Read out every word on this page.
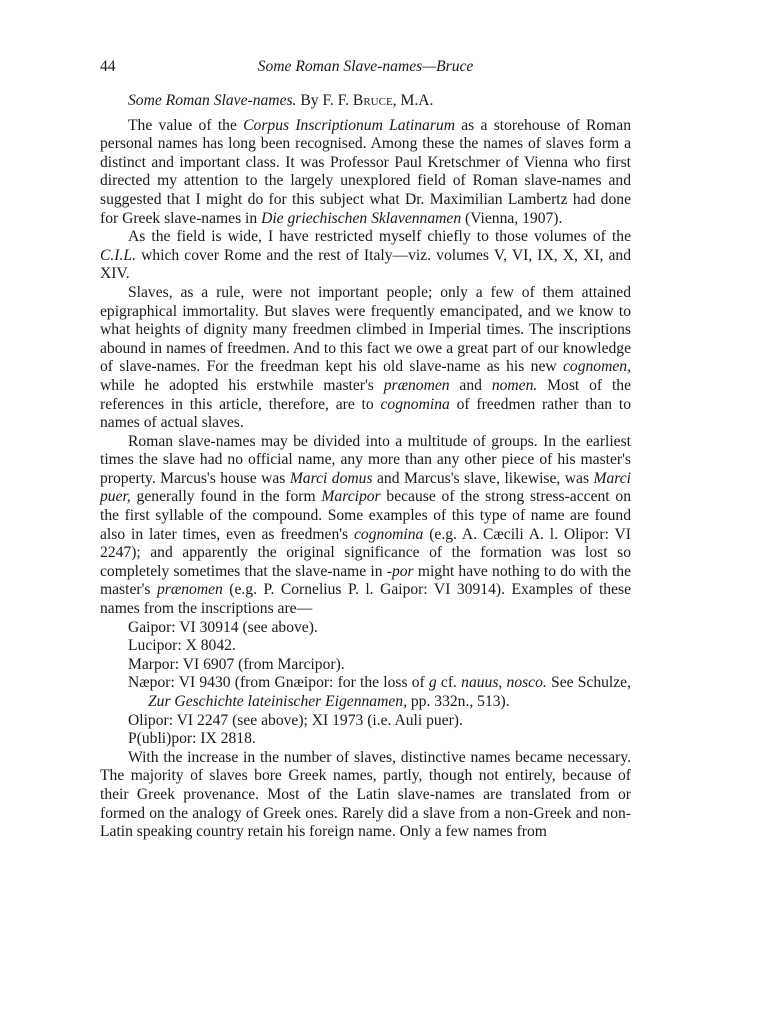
44	Some Roman Slave-names—Bruce

Some Roman Slave-names. By F. F. Bruce, M.A.

The value of the Corpus Inscriptionum Latinarum as a storehouse of Roman personal names has long been recognised. Among these the names of slaves form a distinct and important class. It was Professor Paul Kretschmer of Vienna who first directed my attention to the largely unexplored field of Roman slave-names and suggested that I might do for this subject what Dr. Maximilian Lambertz had done for Greek slave-names in Die griechischen Sklavennamen (Vienna, 1907).

As the field is wide, I have restricted myself chiefly to those volumes of the C.I.L. which cover Rome and the rest of Italy—viz. volumes V, VI, IX, X, XI, and XIV.

Slaves, as a rule, were not important people; only a few of them attained epigraphical immortality. But slaves were frequently emancipated, and we know to what heights of dignity many freedmen climbed in Imperial times. The inscriptions abound in names of freedmen. And to this fact we owe a great part of our knowledge of slave-names. For the freedman kept his old slave-name as his new cognomen, while he adopted his erstwhile master's prænomen and nomen. Most of the references in this article, therefore, are to cognomina of freedmen rather than to names of actual slaves.

Roman slave-names may be divided into a multitude of groups. In the earliest times the slave had no official name, any more than any other piece of his master's property. Marcus's house was Marci domus and Marcus's slave, likewise, was Marci puer, generally found in the form Marcipor because of the strong stress-accent on the first syllable of the compound. Some examples of this type of name are found also in later times, even as freedmen's cognomina (e.g. A. Cæcili A. l. Olipor: VI 2247); and apparently the original significance of the formation was lost so completely sometimes that the slave-name in -por might have nothing to do with the master's prænomen (e.g. P. Cornelius P. l. Gaipor: VI 30914). Examples of these names from the inscriptions are—

Gaipor: VI 30914 (see above).
Lucipor: X 8042.
Marpor: VI 6907 (from Marcipor).
Næpor: VI 9430 (from Gnæipor: for the loss of g cf. nauus, nosco. See Schulze, Zur Geschichte lateinischer Eigennamen, pp. 332n., 513).
Olipor: VI 2247 (see above); XI 1973 (i.e. Auli puer).
P(ubli)por: IX 2818.

With the increase in the number of slaves, distinctive names became necessary. The majority of slaves bore Greek names, partly, though not entirely, because of their Greek provenance. Most of the Latin slave-names are translated from or formed on the analogy of Greek ones. Rarely did a slave from a non-Greek and non-Latin speaking country retain his foreign name. Only a few names from
